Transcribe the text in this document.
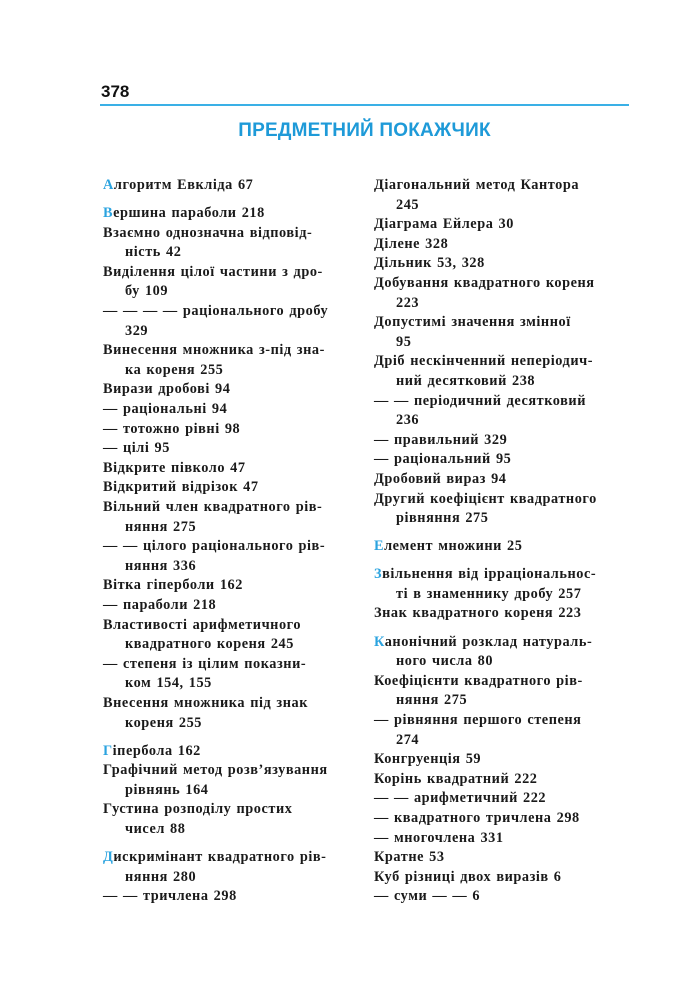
378
ПРЕДМЕТНИЙ ПОКАЖЧИК
Алгоритм Евкліда 67
Вершина параболи 218
Взаємно однозначна відповід-
ність 42
Виділення цілої частини з дро-
бу 109
— — — — раціонального дробу
329
Винесення множника з-під зна-
ка кореня 255
Вирази дробові 94
— раціональні 94
— тотожно рівні 98
— цілі 95
Відкрите півколо 47
Відкритий відрізок 47
Вільний член квадратного рів-
няння 275
— — цілого раціонального рів-
няння 336
Вітка гіперболи 162
— параболи 218
Властивості арифметичного
квадратного кореня 245
— степеня із цілим показни-
ком 154, 155
Внесення множника під знак
кореня 255
Гіпербола 162
Графічний метод розв’язування
рівнянь 164
Густина розподілу простих
чисел 88
Дискримінант квадратного рів-
няння 280
— — тричлена 298
Діагональний метод Кантора
245
Діаграма Ейлера 30
Ділене 328
Дільник 53, 328
Добування квадратного кореня
223
Допустимі значення змінної
95
Дріб нескінченний неперіодич-
ний десятковий 238
— — періодичний десятковий
236
— правильний 329
— раціональний 95
Дробовий вираз 94
Другий коефіцієнт квадратного
рівняння 275
Елемент множини 25
Звільнення від ірраціональнос-
ті в знаменнику дробу 257
Знак квадратного кореня 223
Канонічний розклад натураль-
ного числа 80
Коефіцієнти квадратного рів-
няння 275
— рівняння першого степеня
274
Конгруенція 59
Корінь квадратний 222
— — арифметичний 222
— квадратного тричлена 298
— многочлена 331
Кратне 53
Куб різниці двох виразів 6
— суми — — 6
